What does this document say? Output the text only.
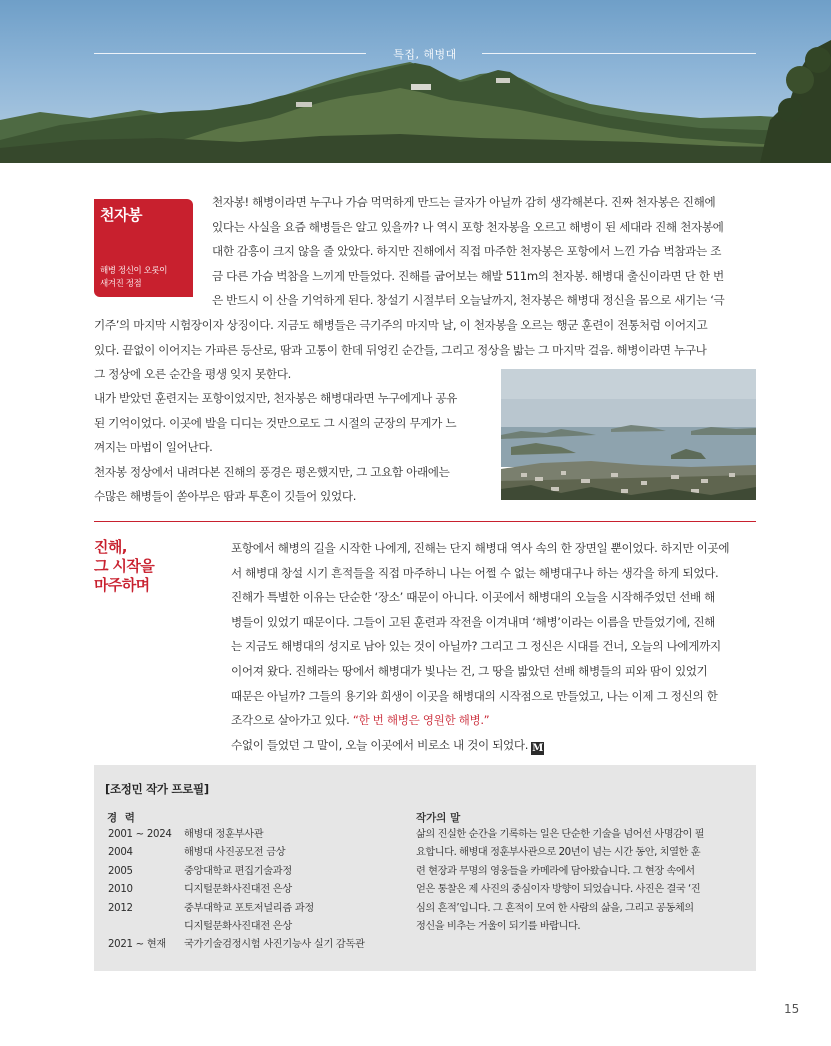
특집, 해병대
천자봉
해병 정신이 오롯이
새겨진 정점
천자봉! 해병이라면 누구나 가슴 먹먹하게 만드는 글자가 아닐까 감히 생각해본다. 진짜 천자봉은 진해에
있다는 사실을 요즘 해병들은 알고 있을까? 나 역시 포항 천자봉을 오르고 해병이 된 세대라 진해 천자봉에
대한 감흥이 크지 않을 줄 았았다. 하지만 진해에서 직접 마주한 천자봉은 포항에서 느낀 가슴 벅참과는 조
금 다른 가슴 벅참을 느끼게 만들었다. 진해를 굽어보는 해발 511m의 천자봉. 해병대 출신이라면 단 한 번
은 반드시 이 산을 기억하게 된다. 창설기 시절부터 오늘날까지, 천자봉은 해병대 정신을 몸으로 새기는 ‘극
기주’의 마지막 시험장이자 상징이다. 지금도 해병들은 극기주의 마지막 날, 이 천자봉을 오르는 행군 훈련이 전통처럼 이어지고
있다. 끝없이 이어지는 가파른 등산로, 땀과 고통이 한데 뒤엉킨 순간들, 그리고 정상을 밟는 그 마지막 걸음. 해병이라면 누구나
그 정상에 오른 순간을 평생 잊지 못한다.
내가 받았던 훈련지는 포항이었지만, 천자봉은 해병대라면 누구에게나 공유
된 기억이었다. 이곳에 발을 디디는 것만으로도 그 시절의 군장의 무게가 느
껴지는 마법이 일어난다.
천자봉 정상에서 내려다본 진해의 풍경은 평온했지만, 그 고요함 아래에는
수많은 해병들이 쏟아부은 땀과 투혼이 깃들어 있었다.
진해,
그 시작을
마주하며
포항에서 해병의 길을 시작한 나에게, 진해는 단지 해병대 역사 속의 한 장면일 뿐이었다. 하지만 이곳에
서 해병대 창설 시기 흔적들을 직접 마주하니 나는 어쩔 수 없는 해병대구나 하는 생각을 하게 되었다.
진해가 특별한 이유는 단순한 ‘장소’ 때문이 아니다. 이곳에서 해병대의 오늘을 시작해주었던 선배 해
병들이 있었기 때문이다. 그들이 고된 훈련과 작전을 이겨내며 ‘해병’이라는 이름을 만들었기에, 진해
는 지금도 해병대의 성지로 남아 있는 것이 아닐까? 그리고 그 정신은 시대를 건너, 오늘의 나에게까지
이어져 왔다. 진해라는 땅에서 해병대가 빛나는 건, 그 땅을 밟았던 선배 해병들의 피와 땀이 있었기
때문은 아닐까? 그들의 용기와 희생이 이곳을 해병대의 시작점으로 만들었고, 나는 이제 그 정신의 한
조각으로 살아가고 있다. “한 번 해병은 영원한 해병.”
수없이 들었던 그 말이, 오늘 이곳에서 비로소 내 것이 되었다. M
[조정민 작가 프로필]
경 력
2001 ~ 2024 해병대 정훈부사관
2004	해병대 사진공모전 금상
2005	중앙대학교 편집기술과정
2010	디지털문화사진대전 은상
2012	중부대학교 포토저널리즘 과정
디지털문화사진대전 은상
2021 ~ 현재 국가기술검정시험 사진기능사 실기 감독관
작가의 말
삶의 진실한 순간을 기록하는 일은 단순한 기술을 넘어선 사명감이 필
요합니다. 해병대 정훈부사관으로 20년이 넘는 시간 동안, 치열한 훈
련 현장과 무명의 영웅들을 카메라에 담아왔습니다. 그 현장 속에서
얻은 통찰은 제 사진의 중심이자 방향이 되었습니다. 사진은 결국 ‘진
심의 흔적’입니다. 그 흔적이 모여 한 사람의 삶을, 그리고 공동체의
정신을 비추는 거울이 되기를 바랍니다.
15
